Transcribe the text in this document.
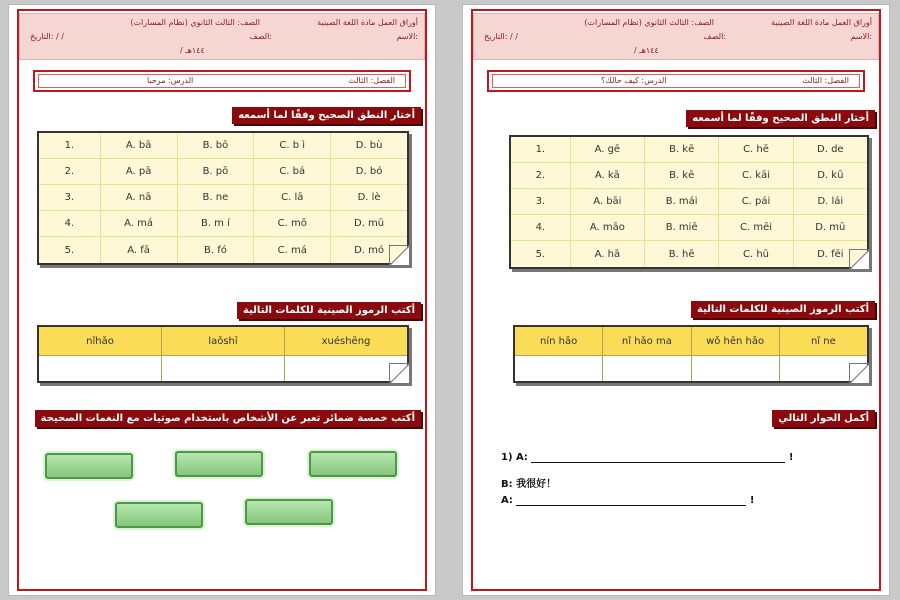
أوراق العمل مادة اللغة الصينية
الصف: الثالث الثانوي (نظام المسارات)
الاسم:
الصف:
التاريخ: / /
/ ١٤٤هـ
الفصل: الثالث
الدرس: مرحبا
أختار النطق الصحيح وفقًا لما أسمعه
1.	A. bā	B. bō	C. b ì	D. bù
2.	A. pā	B. pō	C. bá	D. bó
3.	A. nā	B. ne	C. lā	D. lè
4.	A. má	B. m í	C. mō	D. mū
5.	A. fā	B. fó	C. má	D. mó
أكتب الرموز الصينية للكلمات التالية
nǐhǎo	laǒshī	xuéshēng
أكتب خمسة ضمائر تعبر عن الأشخاص باستخدام صوتيات مع النغمات الصحيحة
أوراق العمل مادة اللغة الصينية
الصف: الثالث الثانوي (نظام المسارات)
الاسم:
الصف:
التاريخ: / /
/ ١٤٤هـ
الفصل: الثالث
الدرس: كيف حالك؟
أختار النطق الصحيح وفقًا لما أسمعه
1.	A. gē	B. kē	C. hē	D. de
2.	A. kā	B. kē	C. kāi	D. kū
3.	A. bāi	B. mái	C. pái	D. lái
4.	A. māo	B. miē	C. mēi	D. mū
5.	A. hā	B. hē	C. hū	D. fēi
أكتب الرموز الصينية للكلمات التالية
nín hǎo	nǐ hǎo ma	wǒ hěn hǎo	nǐ ne
أكمل الحوار التالي
1) A:	!
B: 我很好！
A:	!
